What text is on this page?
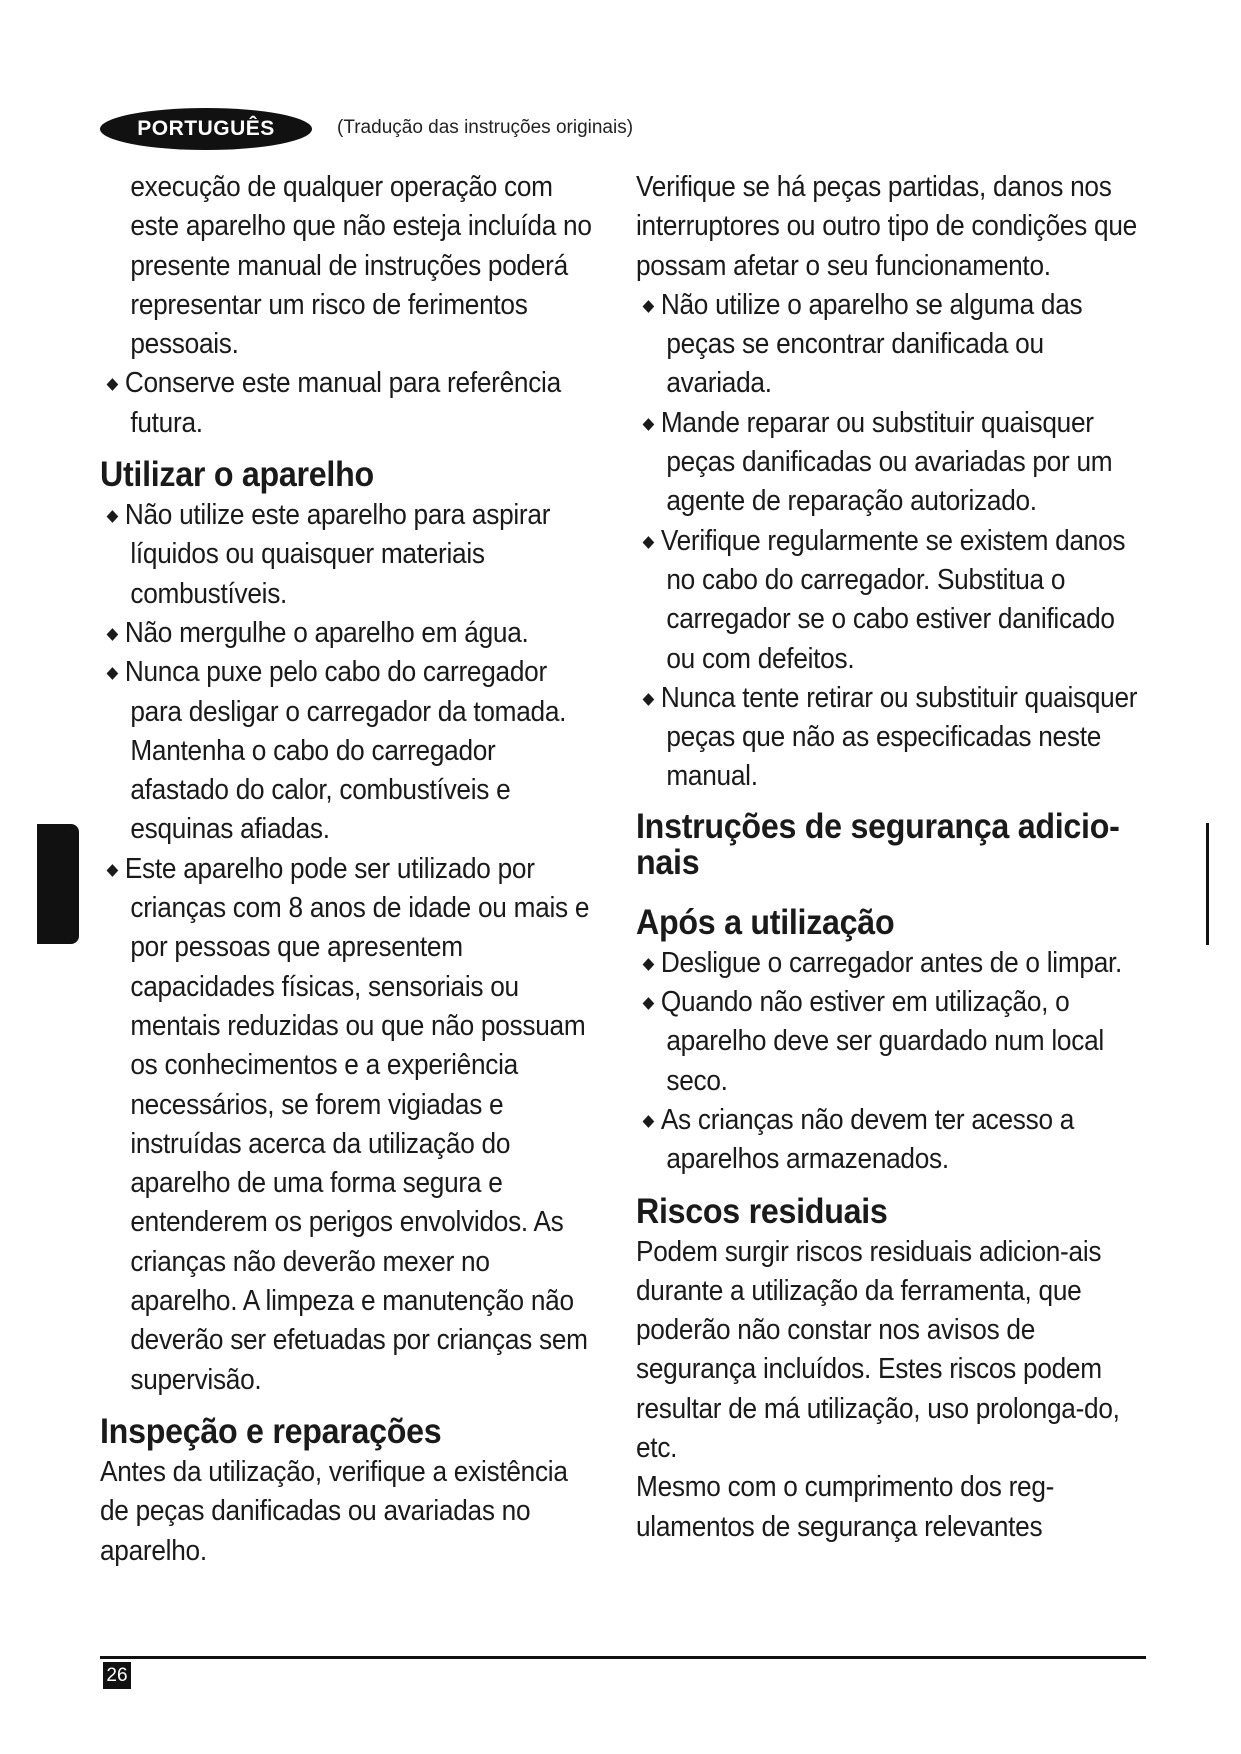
PORTUGUÊS	(Tradução das instruções originais)
execução de qualquer operação com este aparelho que não esteja incluída no presente manual de instruções poderá representar um risco de ferimentos pessoais.
Conserve este manual para referência futura.
Utilizar o aparelho
Não utilize este aparelho para aspirar líquidos ou quaisquer materiais combustíveis.
Não mergulhe o aparelho em água.
Nunca puxe pelo cabo do carregador para desligar o carregador da tomada. Mantenha o cabo do carregador afastado do calor, combustíveis e esquinas afiadas.
Este aparelho pode ser utilizado por crianças com 8 anos de idade ou mais e por pessoas que apresentem capacidades físicas, sensoriais ou mentais reduzidas ou que não possuam os conhecimentos e a experiência necessários, se forem vigiadas e instruídas acerca da utilização do aparelho de uma forma segura e entenderem os perigos envolvidos. As crianças não deverão mexer no aparelho. A limpeza e manutenção não deverão ser efetuadas por crianças sem supervisão.
Inspeção e reparações
Antes da utilização, verifique a existência de peças danificadas ou avariadas no aparelho.
Verifique se há peças partidas, danos nos interruptores ou outro tipo de condições que possam afetar o seu funcionamento.
Não utilize o aparelho se alguma das peças se encontrar danificada ou avariada.
Mande reparar ou substituir quaisquer peças danificadas ou avariadas por um agente de reparação autorizado.
Verifique regularmente se existem danos no cabo do carregador. Substitua o carregador se o cabo estiver danificado ou com defeitos.
Nunca tente retirar ou substituir quaisquer peças que não as especificadas neste manual.
Instruções de segurança adicio-nais
Após a utilização
Desligue o carregador antes de o limpar.
Quando não estiver em utilização, o aparelho deve ser guardado num local seco.
As crianças não devem ter acesso a aparelhos armazenados.
Riscos residuais
Podem surgir riscos residuais adicion-ais durante a utilização da ferramenta, que poderão não constar nos avisos de segurança incluídos. Estes riscos podem resultar de má utilização, uso prolonga-do, etc.
Mesmo com o cumprimento dos reg-ulamentos de segurança relevantes
26
